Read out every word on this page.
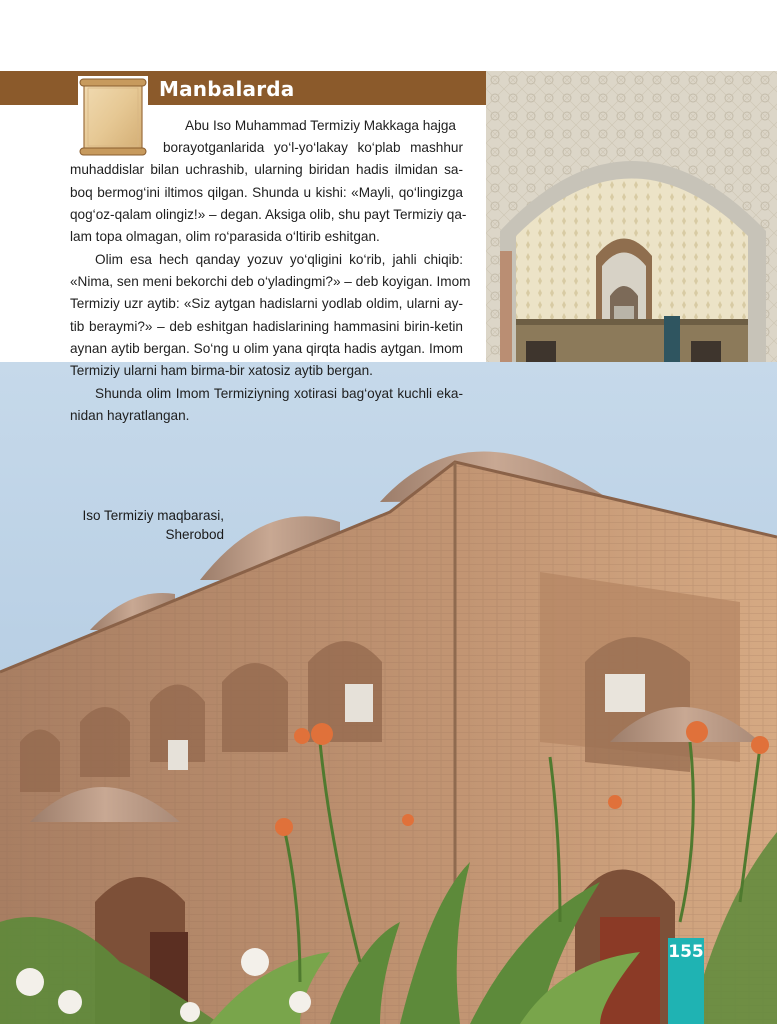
Manbalarda
Abu Iso Muhammad Termiziy Makkaga hajga
borayotganlarida yo‘l-yo‘lakay ko‘plab mashhur
muhaddislar bilan uchrashib, ularning biridan hadis ilmidan sa-
boq bermog‘ini iltimos qilgan. Shunda u kishi: «Mayli, qo‘lingizga
qog‘oz-qalam olingiz!» – degan. Aksiga olib, shu payt Termiziy qa-
lam topa olmagan, olim ro‘parasida o‘ltirib eshitgan.
Olim esa hech qanday yozuv yo‘qligini ko‘rib, jahli chiqib:
«Nima, sen meni bekorchi deb o‘yladingmi?» – deb koyigan. Imom
Termiziy uzr aytib: «Siz aytgan hadislarni yodlab oldim, ularni ay-
tib beraymi?» – deb eshitgan hadislarining hammasini birin-ketin
aynan aytib bergan. So‘ng u olim yana qirqta hadis aytgan. Imom
Termiziy ularni ham birma-bir xatosiz aytib bergan.
Shunda olim Imom Termiziyning xotirasi bag‘oyat kuchli eka-
nidan hayratlangan.
Iso Termiziy maqbarasi,
Sherobod
155
